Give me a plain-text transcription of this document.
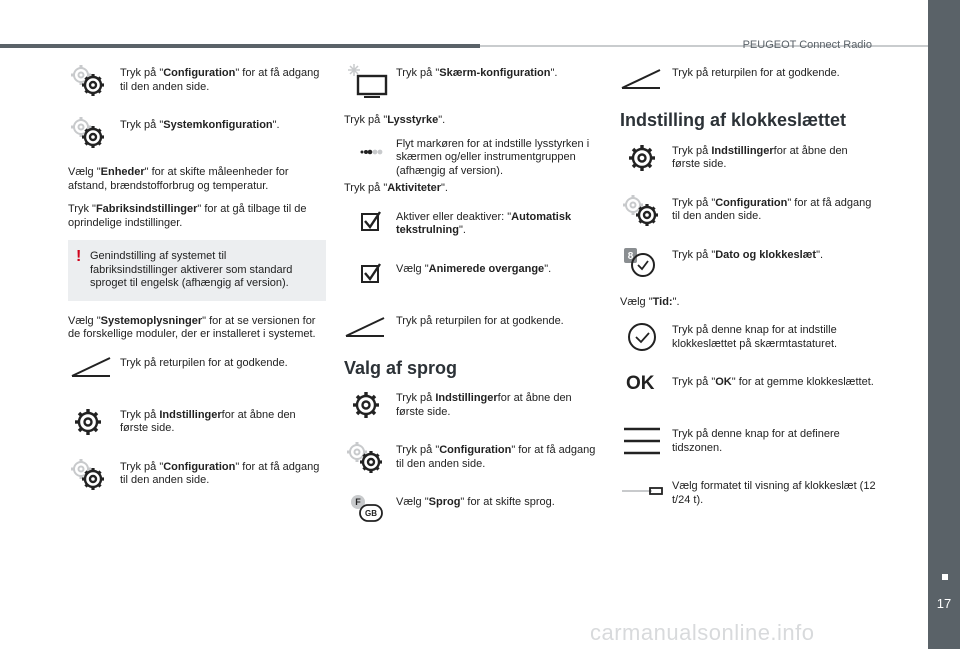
PEUGEOT Connect Radio
17
Tryk på "Configuration" for at få adgang til den anden side.
Tryk på "Systemkonfiguration".

Vælg "Enheder" for at skifte måleenheder for afstand, brændstofforbrug og temperatur.

Tryk "Fabriksindstillinger" for at gå tilbage til de oprindelige indstillinger.

! Genindstilling af systemet til fabriksindstillinger aktiverer som standard sproget til engelsk (afhængig af version).

Vælg "Systemoplysninger" for at se versionen for de forskellige moduler, der er installeret i systemet.

Tryk på returpilen for at godkende.
Tryk på Indstillingerfor at åbne den første side.
Tryk på "Configuration" for at få adgang til den anden side.
Tryk på "Skærm-konfiguration".

Tryk på "Lysstyrke".

Flyt markøren for at indstille lysstyrken i skærmen og/eller instrumentgruppen (afhængig af version).

Tryk på "Aktiviteter".

Aktiver eller deaktiver: "Automatisk tekstrulning".
Vælg "Animerede overgange".
Tryk på returpilen for at godkende.
Valg af sprog
Tryk på Indstillingerfor at åbne den første side.
Tryk på "Configuration" for at få adgang til den anden side.
F
GB
Vælg "Sprog" for at skifte sprog.
Tryk på returpilen for at godkende.
Indstilling af klokkeslættet
Tryk på Indstillingerfor at åbne den første side.
Tryk på "Configuration" for at få adgang til den anden side.
8	Tryk på "Dato og klokkeslæt".

Vælg "Tid:".

Tryk på denne knap for at indstille klokkeslættet på skærmtastaturet.
OK	Tryk på "OK" for at gemme klokkeslættet.
Tryk på denne knap for at definere tidszonen.
Vælg formatet til visning af klokkeslæt (12 t/24 t).
carmanualsonline.info
